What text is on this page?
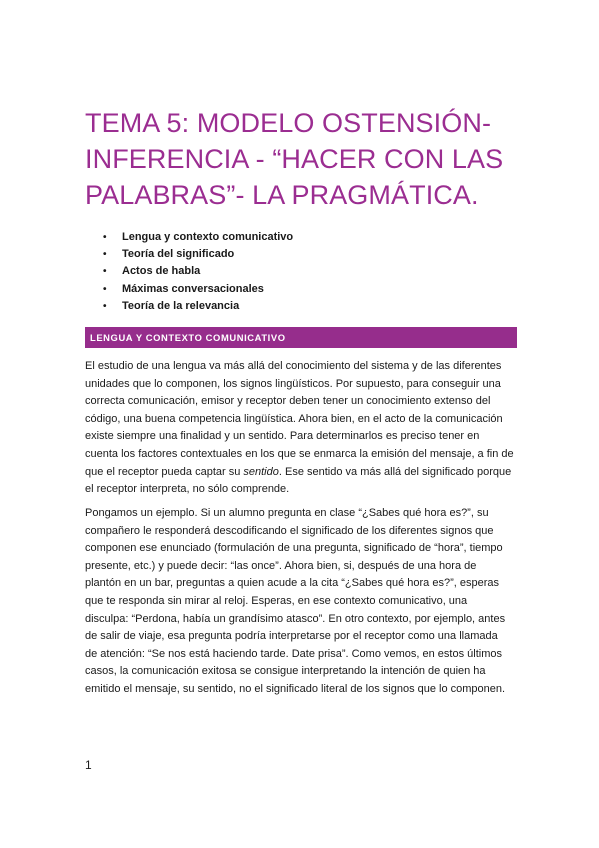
TEMA 5: MODELO OSTENSIÓN-
INFERENCIA - “HACER CON LAS
PALABRAS”- LA PRAGMÁTICA.
• Lengua y contexto comunicativo
• Teoría del significado
• Actos de habla
• Máximas conversacionales
• Teoría de la relevancia
LENGUA Y CONTEXTO COMUNICATIVO

El estudio de una lengua va más allá del conocimiento del sistema y de las diferentes
unidades que lo componen, los signos lingüísticos. Por supuesto, para conseguir una
correcta comunicación, emisor y receptor deben tener un conocimiento extenso del
código, una buena competencia lingüística. Ahora bien, en el acto de la comunicación
existe siempre una finalidad y un sentido. Para determinarlos es preciso tener en
cuenta los factores contextuales en los que se enmarca la emisión del mensaje, a fin de
que el receptor pueda captar su sentido. Ese sentido va más allá del significado porque
el receptor interpreta, no sólo comprende.

Pongamos un ejemplo. Si un alumno pregunta en clase “¿Sabes qué hora es?”, su
compañero le responderá descodificando el significado de los diferentes signos que
componen ese enunciado (formulación de una pregunta, significado de “hora”, tiempo
presente, etc.) y puede decir: “las once”. Ahora bien, si, después de una hora de
plantón en un bar, preguntas a quien acude a la cita “¿Sabes qué hora es?”, esperas
que te responda sin mirar al reloj. Esperas, en ese contexto comunicativo, una
disculpa: “Perdona, había un grandísimo atasco”. En otro contexto, por ejemplo, antes
de salir de viaje, esa pregunta podría interpretarse por el receptor como una llamada
de atención: “Se nos está haciendo tarde. Date prisa”. Como vemos, en estos últimos
casos, la comunicación exitosa se consigue interpretando la intención de quien ha
emitido el mensaje, su sentido, no el significado literal de los signos que lo componen.

1
